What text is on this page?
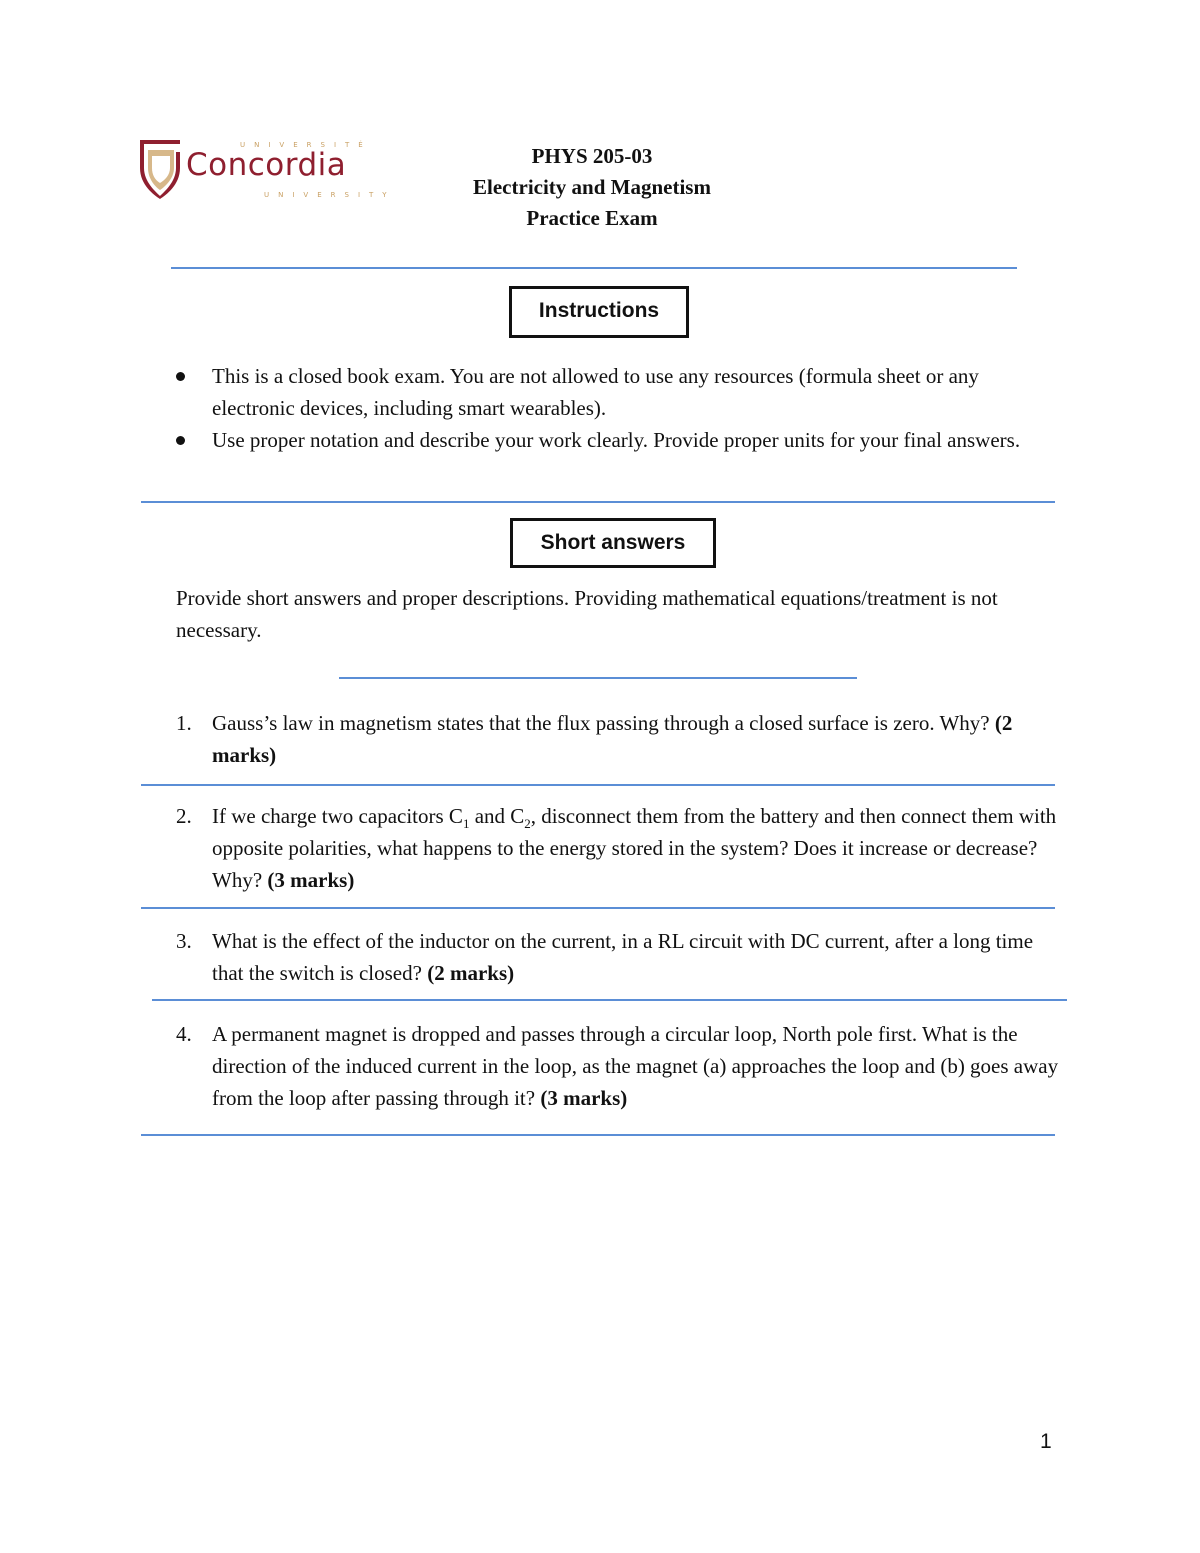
UNIVERSITÉ
Concordia
UNIVERSITY
PHYS 205-03
Electricity and Magnetism
Practice Exam
Instructions
This is a closed book exam. You are not allowed to use any resources (formula sheet or any electronic devices, including smart wearables).
Use proper notation and describe your work clearly. Provide proper units for your final answers.
Short answers
Provide short answers and proper descriptions. Providing mathematical equations/treatment is not necessary.
1. Gauss’s law in magnetism states that the flux passing through a closed surface is zero. Why? (2 marks)
2. If we charge two capacitors $C_1$ and $C_2$, disconnect them from the battery and then connect them with opposite polarities, what happens to the energy stored in the system? Does it increase or decrease? Why? (3 marks)
3. What is the effect of the inductor on the current, in a RL circuit with DC current, after a long time that the switch is closed? (2 marks)
4. A permanent magnet is dropped and passes through a circular loop, North pole first. What is the direction of the induced current in the loop, as the magnet (a) approaches the loop and (b) goes away from the loop after passing through it? (3 marks)
1
